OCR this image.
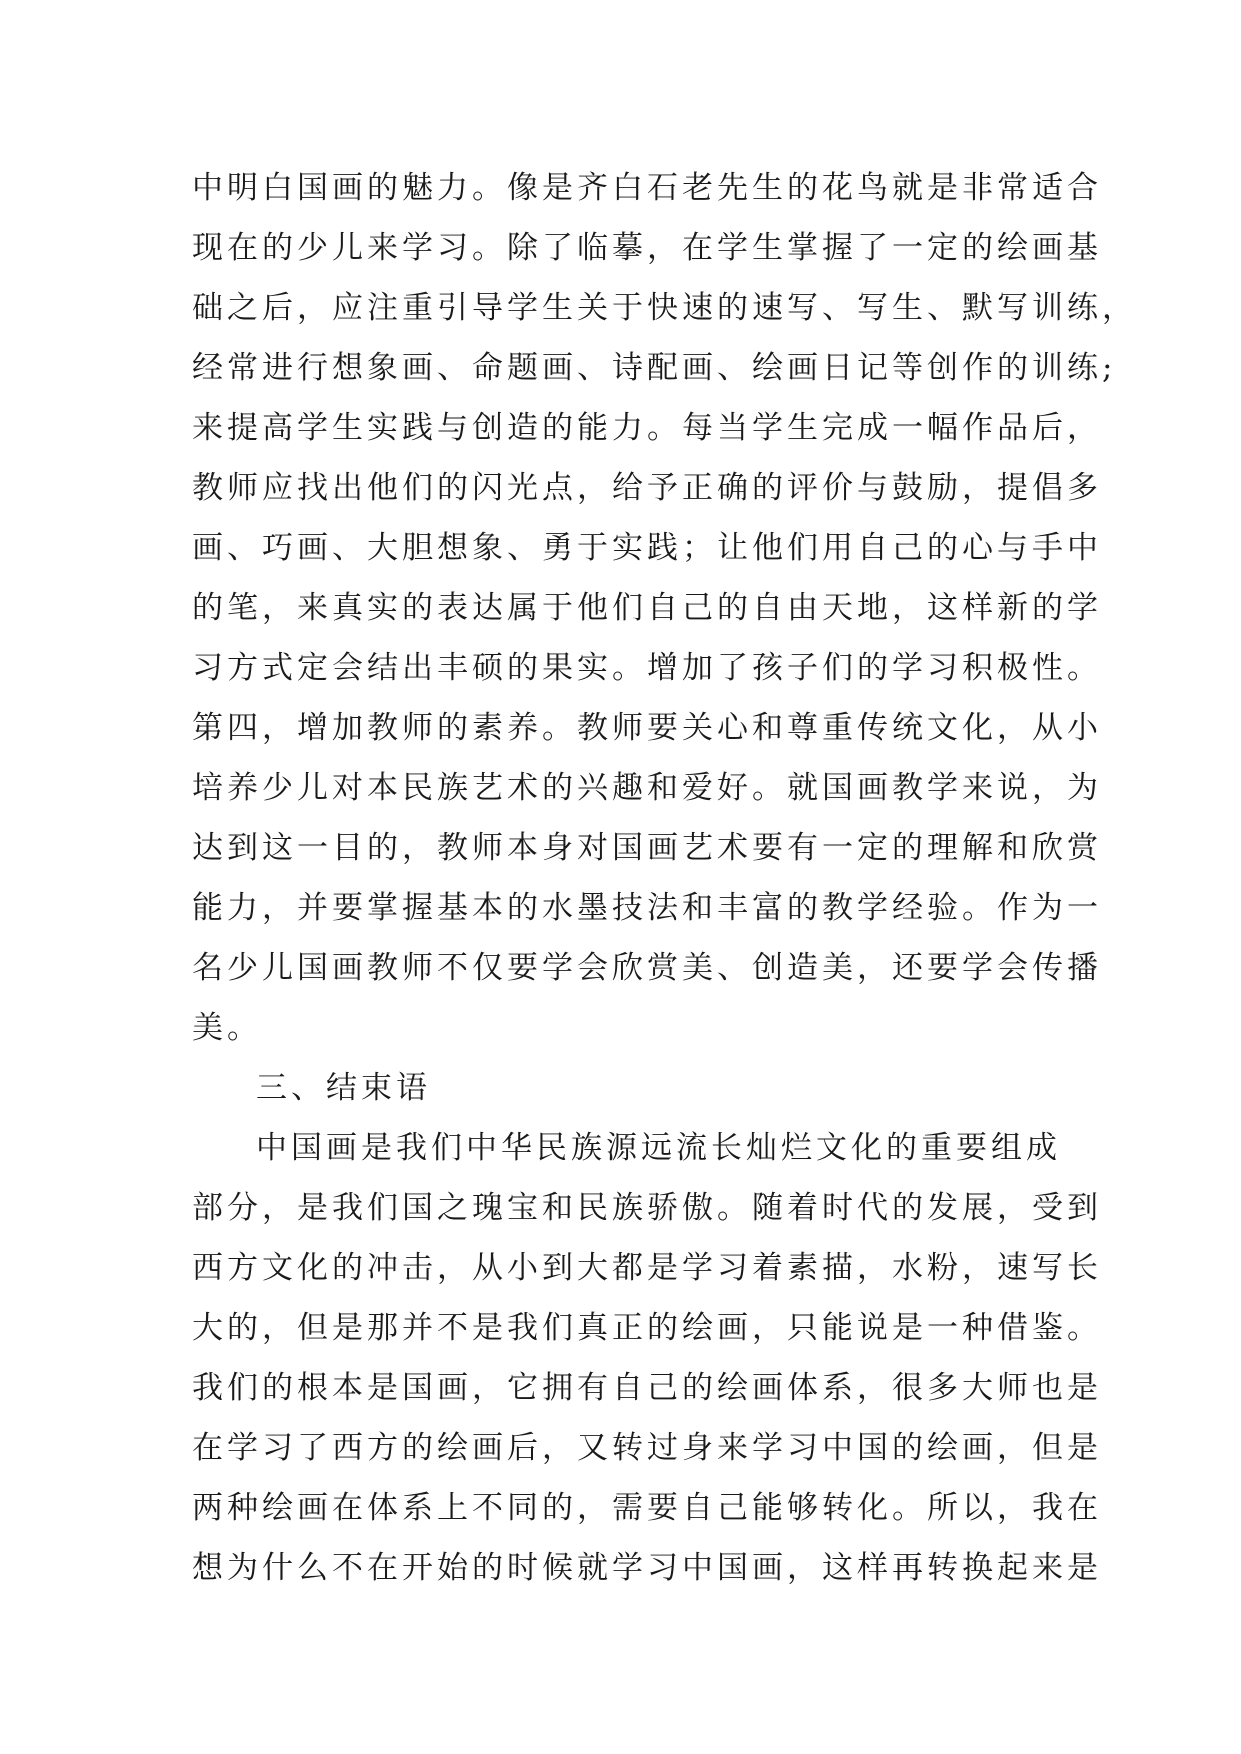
中明白国画的魅力。像是齐白石老先生的花鸟就是非常适合
现在的少儿来学习。除了临摹，在学生掌握了一定的绘画基
础之后，应注重引导学生关于快速的速写、写生、默写训练，
经常进行想象画、命题画、诗配画、绘画日记等创作的训练;
来提高学生实践与创造的能力。每当学生完成一幅作品后，
教师应找出他们的闪光点，给予正确的评价与鼓励，提倡多
画、巧画、大胆想象、勇于实践；让他们用自己的心与手中
的笔，来真实的表达属于他们自己的自由天地，这样新的学
习方式定会结出丰硕的果实。增加了孩子们的学习积极性。
第四，增加教师的素养。教师要关心和尊重传统文化，从小
培养少儿对本民族艺术的兴趣和爱好。就国画教学来说，为
达到这一目的，教师本身对国画艺术要有一定的理解和欣赏
能力，并要掌握基本的水墨技法和丰富的教学经验。作为一
名少儿国画教师不仅要学会欣赏美、创造美，还要学会传播
美。
三、结束语
中国画是我们中华民族源远流长灿烂文化的重要组成
部分，是我们国之瑰宝和民族骄傲。随着时代的发展，受到
西方文化的冲击，从小到大都是学习着素描，水粉，速写长
大的，但是那并不是我们真正的绘画，只能说是一种借鉴。
我们的根本是国画，它拥有自己的绘画体系，很多大师也是
在学习了西方的绘画后，又转过身来学习中国的绘画，但是
两种绘画在体系上不同的，需要自己能够转化。所以，我在
想为什么不在开始的时候就学习中国画，这样再转换起来是
